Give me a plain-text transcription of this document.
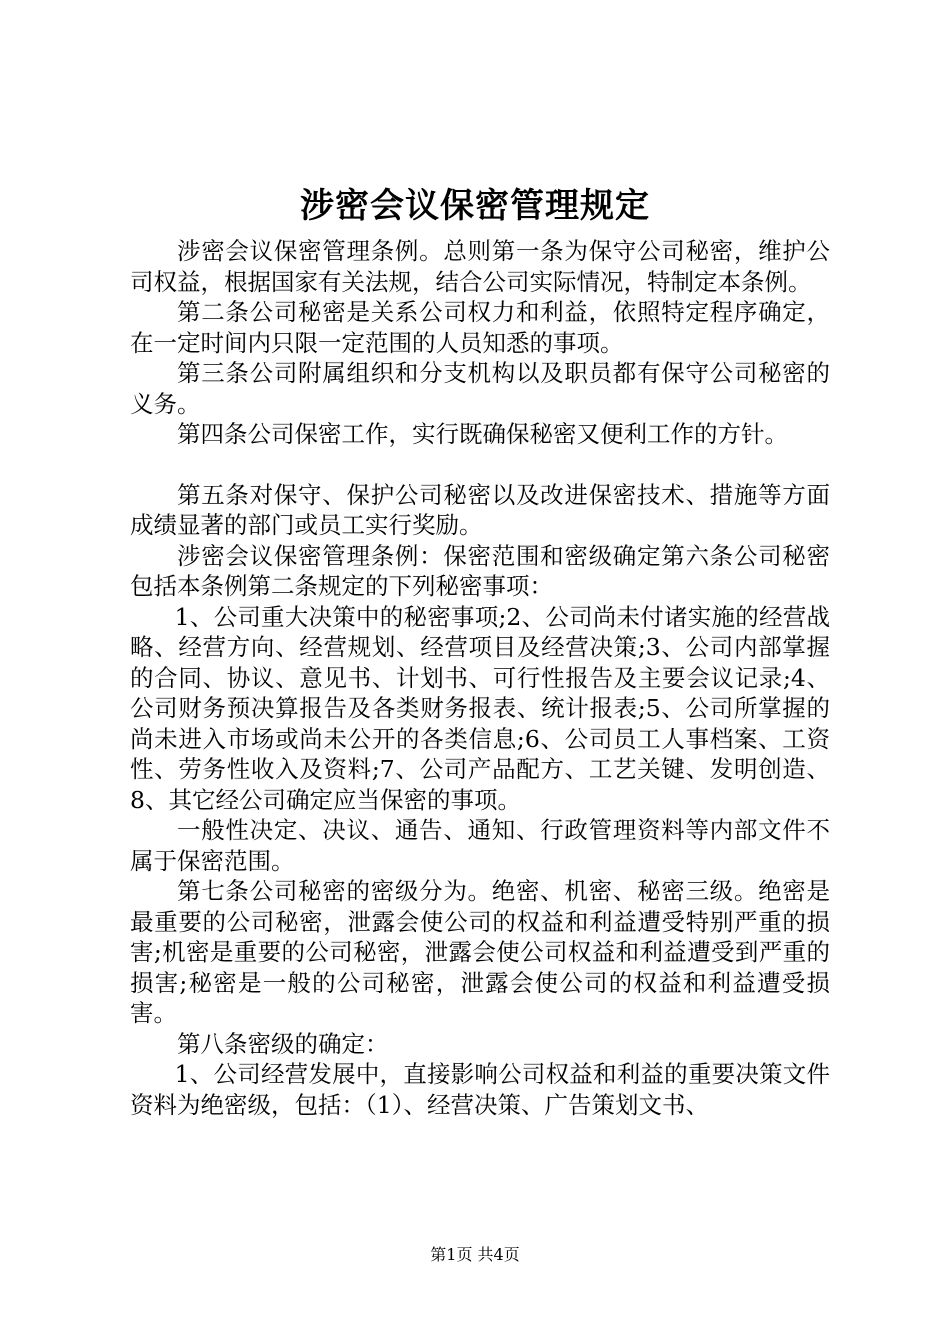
涉密会议保密管理规定

涉密会议保密管理条例。总则第一条为保守公司秘密，维护公司权益，根据国家有关法规，结合公司实际情况，特制定本条例。

第二条公司秘密是关系公司权力和利益，依照特定程序确定，在一定时间内只限一定范围的人员知悉的事项。

第三条公司附属组织和分支机构以及职员都有保守公司秘密的义务。

第四条公司保密工作，实行既确保秘密又便利工作的方针。

第五条对保守、保护公司秘密以及改进保密技术、措施等方面成绩显著的部门或员工实行奖励。

涉密会议保密管理条例：保密范围和密级确定第六条公司秘密包括本条例第二条规定的下列秘密事项：

1、公司重大决策中的秘密事项;2、公司尚未付诸实施的经营战略、经营方向、经营规划、经营项目及经营决策;3、公司内部掌握的合同、协议、意见书、计划书、可行性报告及主要会议记录;4、公司财务预决算报告及各类财务报表、统计报表;5、公司所掌握的尚未进入市场或尚未公开的各类信息;6、公司员工人事档案、工资性、劳务性收入及资料;7、公司产品配方、工艺关键、发明创造、8、其它经公司确定应当保密的事项。

一般性决定、决议、通告、通知、行政管理资料等内部文件不属于保密范围。

第七条公司秘密的密级分为。绝密、机密、秘密三级。绝密是最重要的公司秘密，泄露会使公司的权益和利益遭受特别严重的损害;机密是重要的公司秘密，泄露会使公司权益和利益遭受到严重的损害;秘密是一般的公司秘密，泄露会使公司的权益和利益遭受损害。

第八条密级的确定：

1、公司经营发展中，直接影响公司权益和利益的重要决策文件资料为绝密级，包括：（1）、经营决策、广告策划文书、

第1页 共4页
